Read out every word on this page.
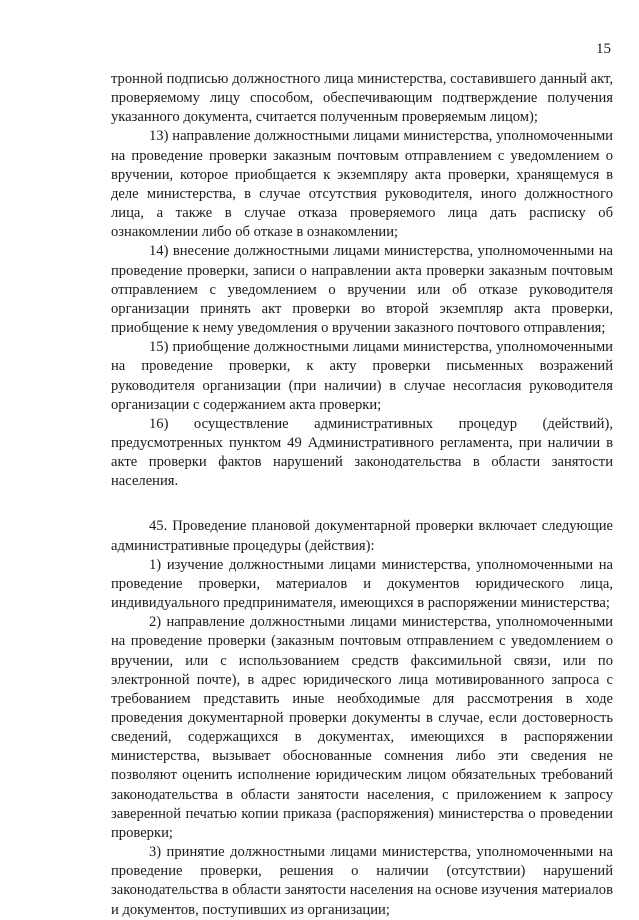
15

тронной подписью должностного лица министерства, составившего данный акт, проверяемому лицу способом, обеспечивающим подтверждение получения указанного документа, считается полученным проверяемым лицом);

13) направление должностными лицами министерства, уполномоченными на проведение проверки заказным почтовым отправлением с уведомлением о вручении, которое приобщается к экземпляру акта проверки, хранящемуся в деле министерства, в случае отсутствия руководителя, иного должностного лица, а также в случае отказа проверяемого лица дать расписку об ознакомлении либо об отказе в ознакомлении;

14) внесение должностными лицами министерства, уполномоченными на проведение проверки, записи о направлении акта проверки заказным почтовым отправлением с уведомлением о вручении или об отказе руководителя организации принять акт проверки во второй экземпляр акта проверки, приобщение к нему уведомления о вручении заказного почтового отправления;

15) приобщение должностными лицами министерства, уполномоченными на проведение проверки, к акту проверки письменных возражений руководителя организации (при наличии) в случае несогласия руководителя организации с содержанием акта проверки;

16) осуществление административных процедур (действий), предусмотренных пунктом 49 Административного регламента, при наличии в акте проверки фактов нарушений законодательства в области занятости населения.

45. Проведение плановой документарной проверки включает следующие административные процедуры (действия):

1) изучение должностными лицами министерства, уполномоченными на проведение проверки, материалов и документов юридического лица, индивидуального предпринимателя, имеющихся в распоряжении министерства;

2) направление должностными лицами министерства, уполномоченными на проведение проверки (заказным почтовым отправлением с уведомлением о вручении, или с использованием средств факсимильной связи, или по электронной почте), в адрес юридического лица мотивированного запроса с требованием представить иные необходимые для рассмотрения в ходе проведения документарной проверки документы в случае, если достоверность сведений, содержащихся в документах, имеющихся в распоряжении министерства, вызывает обоснованные сомнения либо эти сведения не позволяют оценить исполнение юридическим лицом обязательных требований законодательства в области занятости населения, с приложением к запросу заверенной печатью копии приказа (распоряжения) министерства о проведении проверки;

3) принятие должностными лицами министерства, уполномоченными на проведение проверки, решения о наличии (отсутствии) нарушений законодательства в области занятости населения на основе изучения материалов и документов, поступивших из организации;
